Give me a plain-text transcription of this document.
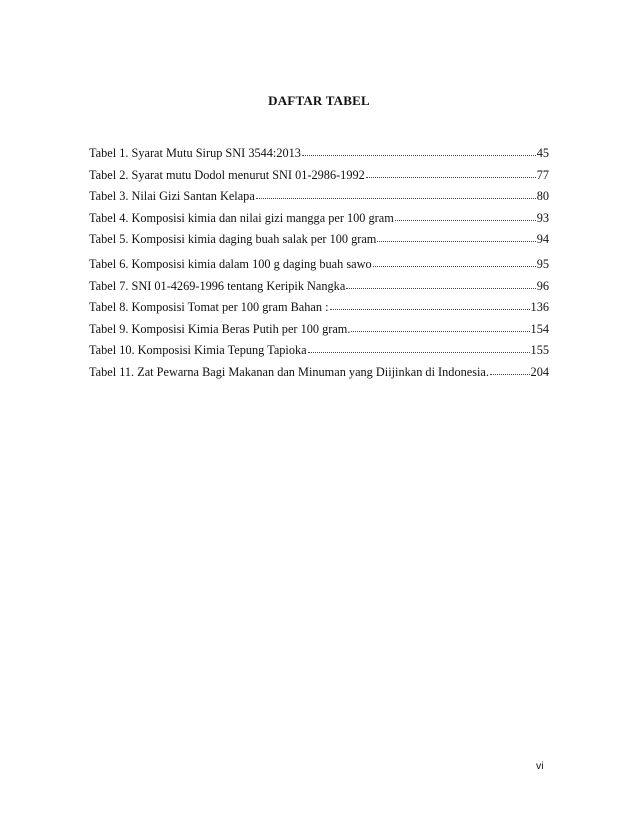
DAFTAR TABEL
Tabel 1. Syarat Mutu Sirup SNI 3544:2013	45
Tabel 2. Syarat mutu Dodol menurut SNI 01-2986-1992	77
Tabel 3. Nilai Gizi Santan Kelapa	80
Tabel 4. Komposisi kimia dan nilai gizi mangga per 100 gram	93
Tabel 5. Komposisi kimia daging buah salak per 100 gram	94
Tabel 6. Komposisi kimia dalam 100 g daging buah sawo	95
Tabel 7. SNI 01-4269-1996 tentang Keripik Nangka	96
Tabel 8. Komposisi Tomat per 100 gram Bahan :	136
Tabel 9. Komposisi Kimia Beras Putih per 100 gram.	154
Tabel 10. Komposisi Kimia Tepung Tapioka	155
Tabel 11. Zat Pewarna Bagi Makanan dan Minuman yang Diijinkan di Indonesia.	204
vi
